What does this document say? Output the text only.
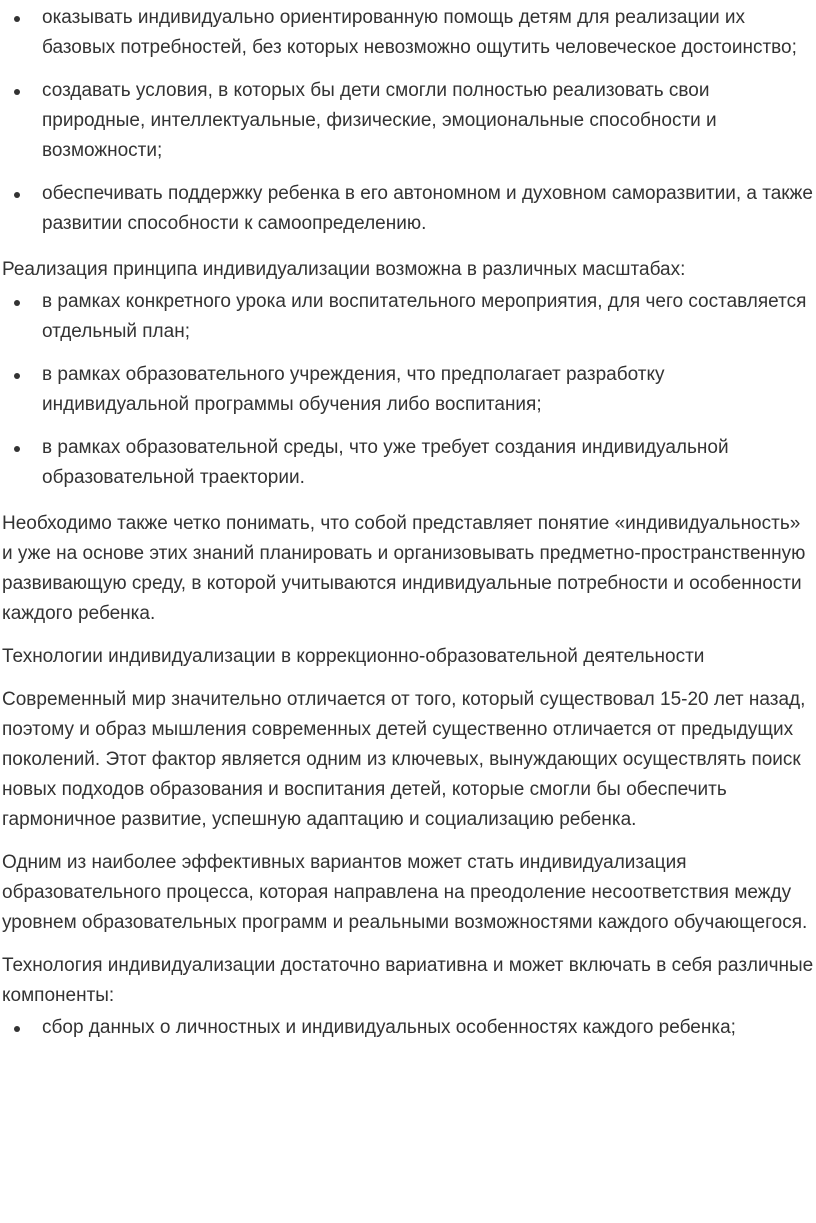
оказывать индивидуально ориентированную помощь детям для реализации их базовых потребностей, без которых невозможно ощутить человеческое достоинство;
создавать условия, в которых бы дети смогли полностью реализовать свои природные, интеллектуальные, физические, эмоциональные способности и возможности;
обеспечивать поддержку ребенка в его автономном и духовном саморазвитии, а также развитии способности к самоопределению.

Реализация принципа индивидуализации возможна в различных масштабах:

в рамках конкретного урока или воспитательного мероприятия, для чего составляется отдельный план;
в рамках образовательного учреждения, что предполагает разработку индивидуальной программы обучения либо воспитания;
в рамках образовательной среды, что уже требует создания индивидуальной образовательной траектории.

Необходимо также четко понимать, что собой представляет понятие «индивидуальность» и уже на основе этих знаний планировать и организовывать предметно-пространственную развивающую среду, в которой учитываются индивидуальные потребности и особенности каждого ребенка.

Технологии индивидуализации в коррекционно-образовательной деятельности

Современный мир значительно отличается от того, который существовал 15-20 лет назад, поэтому и образ мышления современных детей существенно отличается от предыдущих поколений. Этот фактор является одним из ключевых, вынуждающих осуществлять поиск новых подходов образования и воспитания детей, которые смогли бы обеспечить гармоничное развитие, успешную адаптацию и социализацию ребенка.

Одним из наиболее эффективных вариантов может стать индивидуализация образовательного процесса, которая направлена на преодоление несоответствия между уровнем образовательных программ и реальными возможностями каждого обучающегося.

Технология индивидуализации достаточно вариативна и может включать в себя различные компоненты:

сбор данных о личностных и индивидуальных особенностях каждого ребенка;
